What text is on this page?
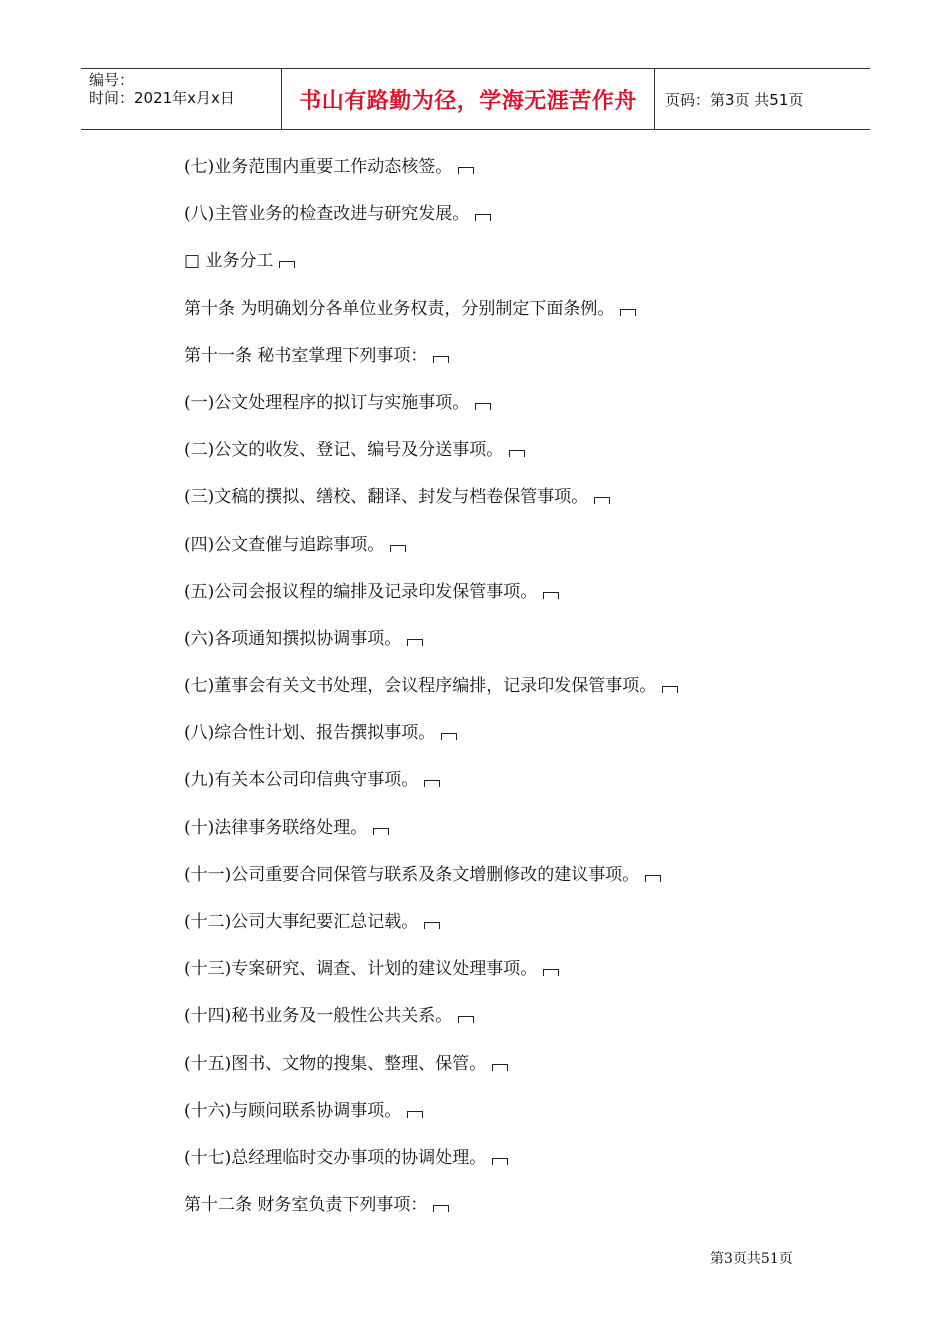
编号：
时间：2021年x月x日	书山有路勤为径，学海无涯苦作舟	页码：第3页 共51页
(七)业务范围内重要工作动态核签。
(八)主管业务的检查改进与研究发展。
□ 业务分工
第十条 为明确划分各单位业务权责，分别制定下面条例。
第十一条 秘书室掌理下列事项：
(一)公文处理程序的拟订与实施事项。
(二)公文的收发、登记、编号及分送事项。
(三)文稿的撰拟、缮校、翻译、封发与档卷保管事项。
(四)公文查催与追踪事项。
(五)公司会报议程的编排及记录印发保管事项。
(六)各项通知撰拟协调事项。
(七)董事会有关文书处理，会议程序编排，记录印发保管事项。
(八)综合性计划、报告撰拟事项。
(九)有关本公司印信典守事项。
(十)法律事务联络处理。
(十一)公司重要合同保管与联系及条文增删修改的建议事项。
(十二)公司大事纪要汇总记载。
(十三)专案研究、调查、计划的建议处理事项。
(十四)秘书业务及一般性公共关系。
(十五)图书、文物的搜集、整理、保管。
(十六)与顾问联系协调事项。
(十七)总经理临时交办事项的协调处理。
第十二条 财务室负责下列事项：
第3页共51页
